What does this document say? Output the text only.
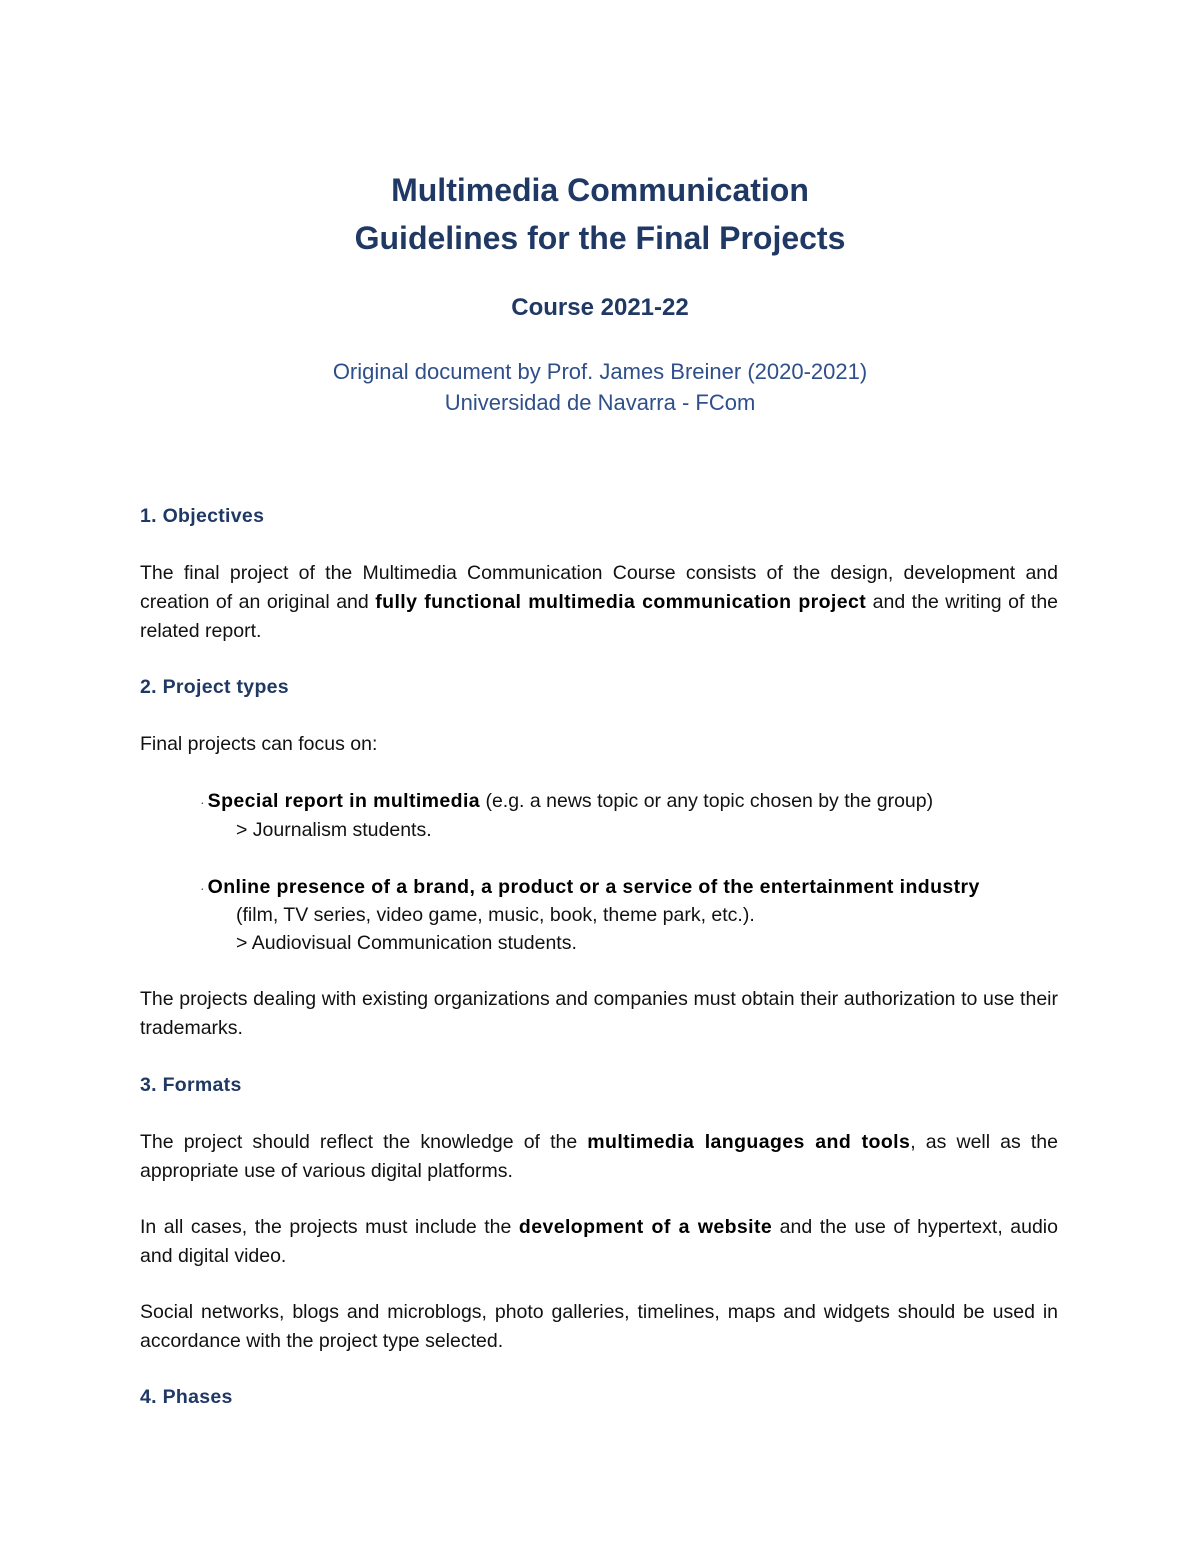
Multimedia Communication
Guidelines for the Final Projects
Course 2021-22
Original document by Prof. James Breiner (2020-2021)
Universidad de Navarra - FCom
1. Objectives
The final project of the Multimedia Communication Course consists of the design, development and creation of an original and fully functional multimedia communication project and the writing of the related report.
2. Project types
Final projects can focus on:
· Special report in multimedia (e.g. a news topic or any topic chosen by the group)
> Journalism students.
· Online presence of a brand, a product or a service of the entertainment industry
(film, TV series, video game, music, book, theme park, etc.).
> Audiovisual Communication students.
The projects dealing with existing organizations and companies must obtain their authorization to use their trademarks.
3. Formats
The project should reflect the knowledge of the multimedia languages and tools, as well as the appropriate use of various digital platforms.
In all cases, the projects must include the development of a website and the use of hypertext, audio and digital video.
Social networks, blogs and microblogs, photo galleries, timelines, maps and widgets should be used in accordance with the project type selected.
4. Phases
